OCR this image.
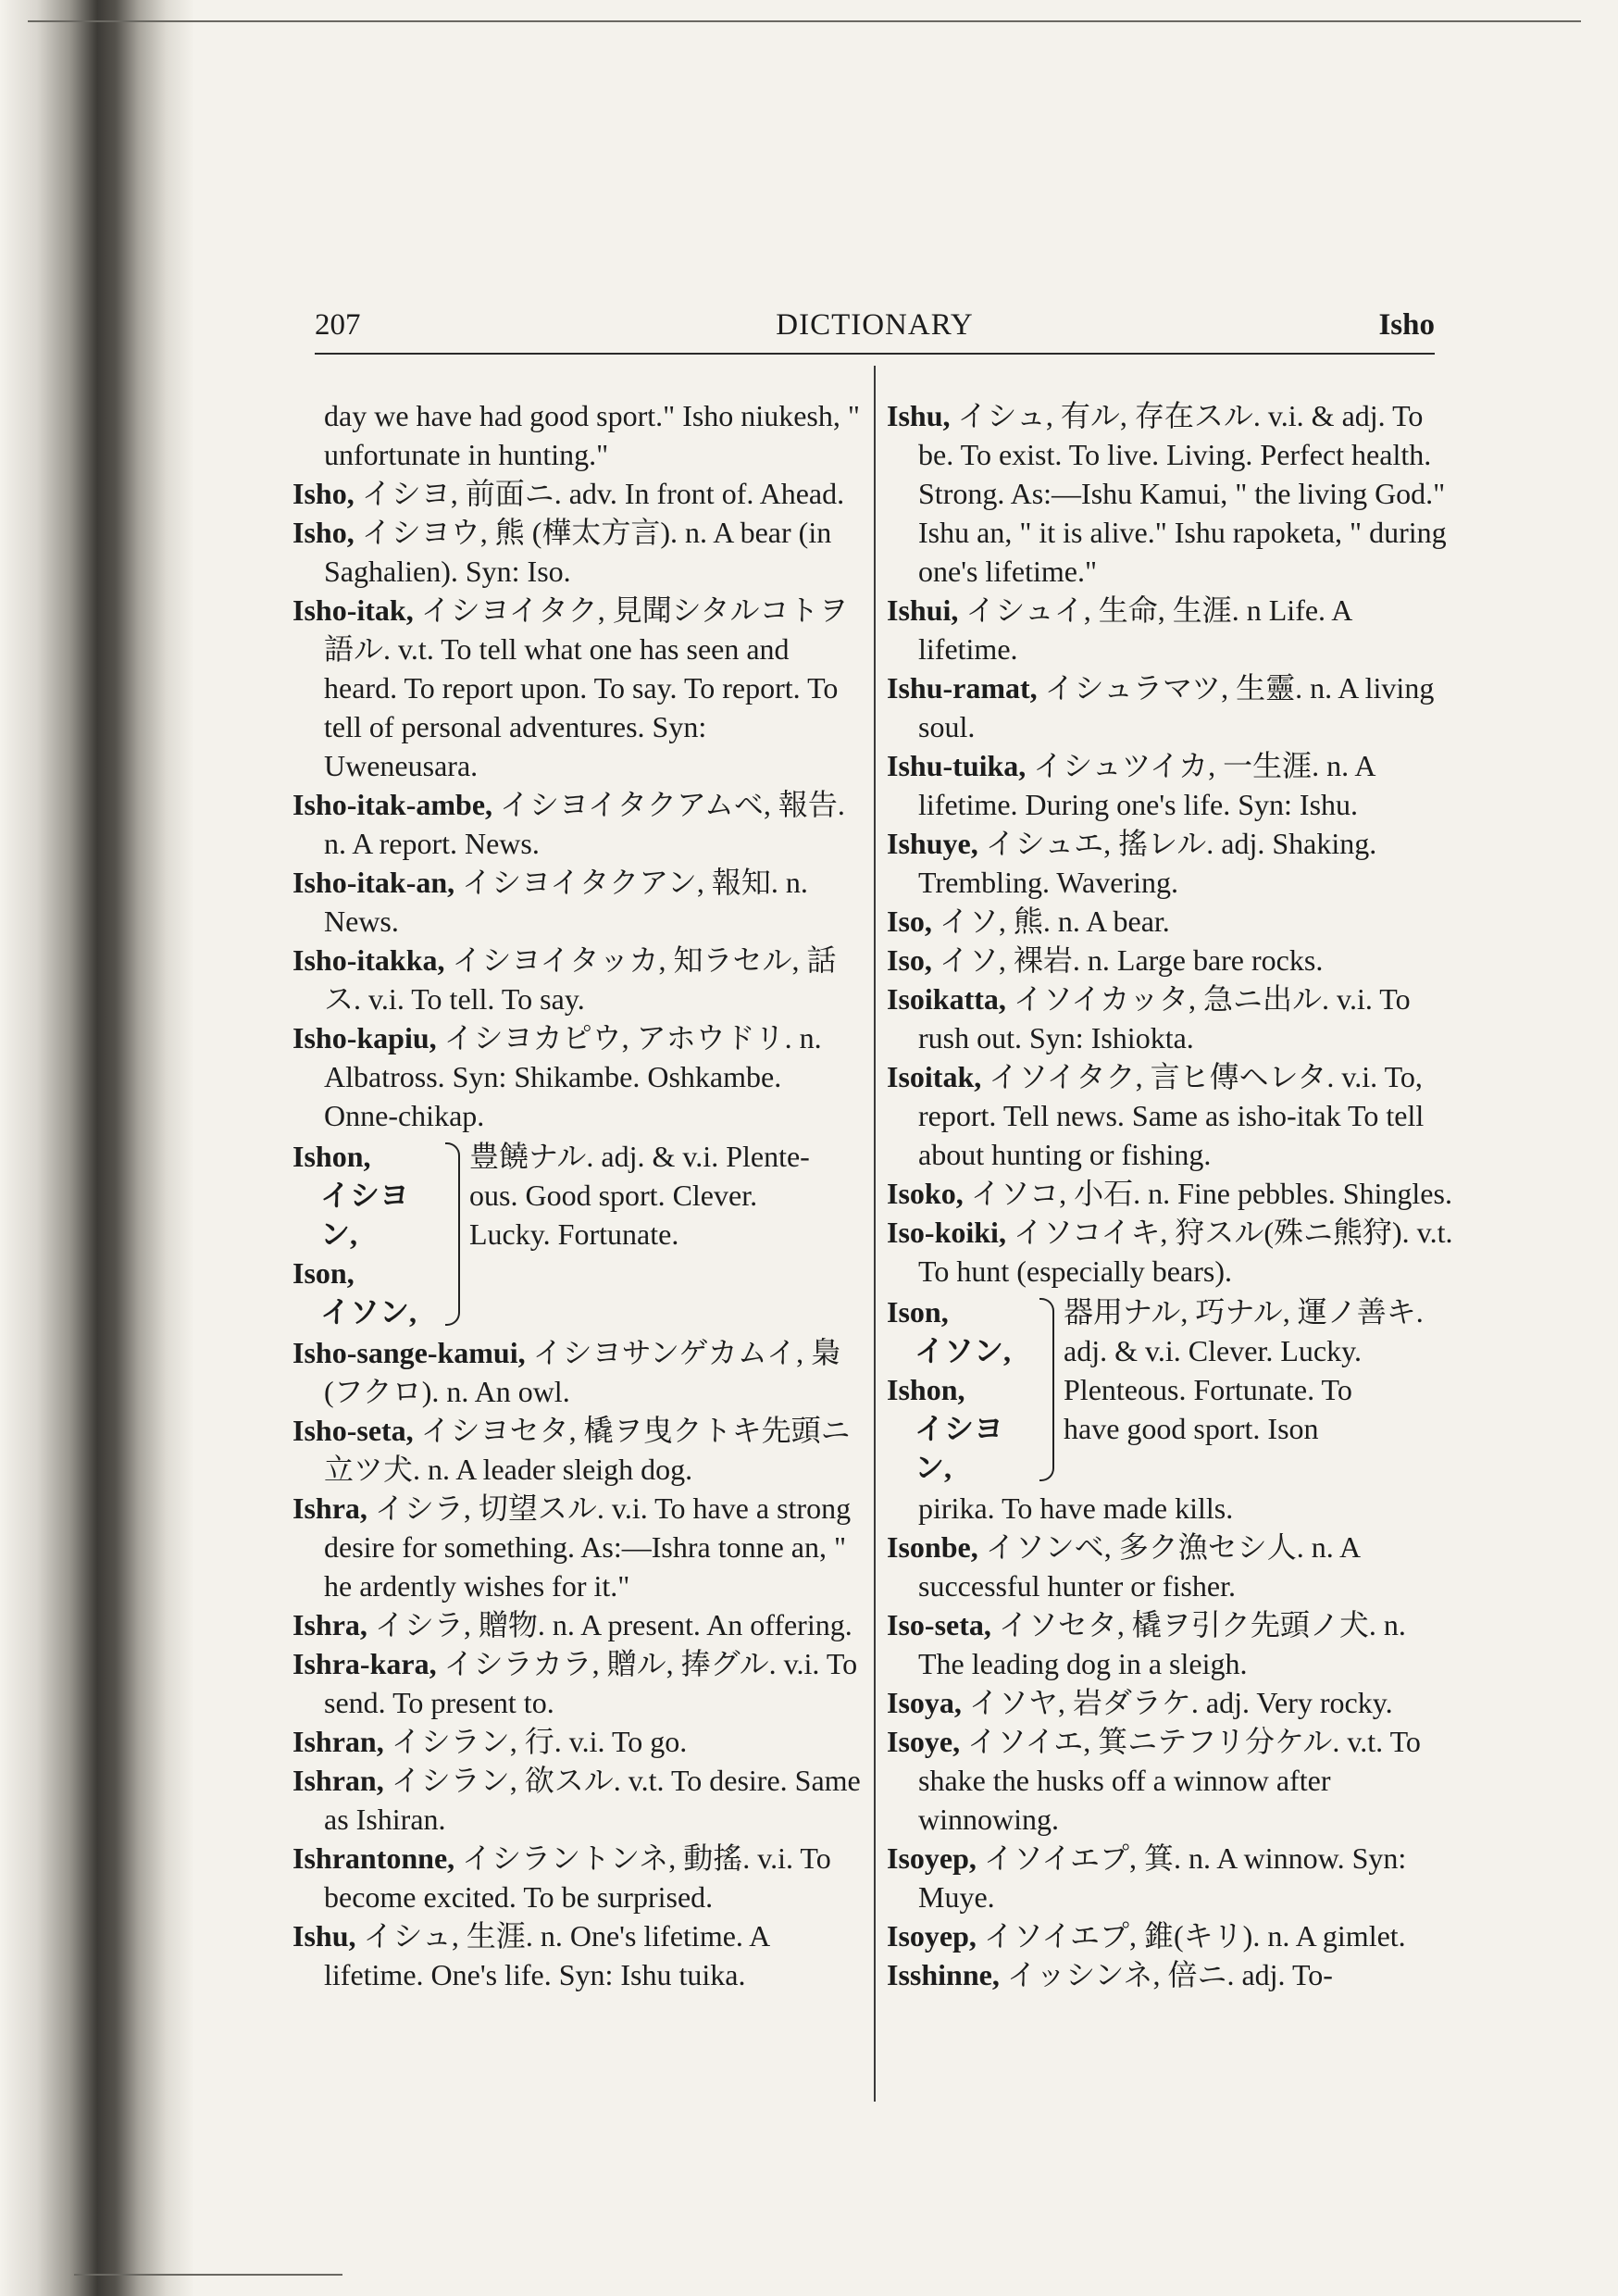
207	DICTIONARY	Isho
day we have had good sport." Isho niukesh, " unfortunate in hunting."
Isho, イシヨ, 前面ニ. adv. In front of. Ahead.
Isho, イシヨウ, 熊 (樺太方言). n. A bear (in Saghalien). Syn: Iso.
Isho-itak, イシヨイタク, 見聞シタルコトヲ語ル. v.t. To tell what one has seen and heard. To report upon. To say. To report. To tell of personal adventures. Syn: Uweneusara.
Isho-itak-ambe, イシヨイタクアムベ, 報告. n. A report. News.
Isho-itak-an, イシヨイタクアン, 報知. n. News.
Isho-itakka, イシヨイタッカ, 知ラセル, 話ス. v.i. To tell. To say.
Isho-kapiu, イシヨカピウ, アホウドリ. n. Albatross. Syn: Shikambe. Oshkambe. Onne-chikap.
Ishon,
イシヨン,
Ison,
イソン,
豊饒ナル. adj. & v.i. Plente-
ous. Good sport. Clever.
Lucky. Fortunate.
Isho-sange-kamui, イシヨサンゲカムイ, 梟 (フクロ). n. An owl.
Isho-seta, イシヨセタ, 橇ヲ曳クトキ先頭ニ立ツ犬. n. A leader sleigh dog.
Ishra, イシラ, 切望スル. v.i. To have a strong desire for something. As:—Ishra tonne an, " he ardently wishes for it."
Ishra, イシラ, 贈物. n. A present. An offering.
Ishra-kara, イシラカラ, 贈ル, 捧グル. v.i. To send. To present to.
Ishran, イシラン, 行. v.i. To go.
Ishran, イシラン, 欲スル. v.t. To desire. Same as Ishiran.
Ishrantonne, イシラントンネ, 動搖. v.i. To become excited. To be surprised.
Ishu, イシュ, 生涯. n. One's lifetime. A lifetime. One's life. Syn: Ishu tuika.
Ishu, イシュ, 有ル, 存在スル. v.i. & adj. To be. To exist. To live. Living. Perfect health. Strong. As:—Ishu Kamui, " the living God." Ishu an, " it is alive." Ishu rapoketa, " during one's lifetime."
Ishui, イシュイ, 生命, 生涯. n Life. A lifetime.
Ishu-ramat, イシュラマツ, 生靈. n. A living soul.
Ishu-tuika, イシュツイカ, 一生涯. n. A lifetime. During one's life. Syn: Ishu.
Ishuye, イシュエ, 搖レル. adj. Shaking. Trembling. Wavering.
Iso, イソ, 熊. n. A bear.
Iso, イソ, 裸岩. n. Large bare rocks.
Isoikatta, イソイカッタ, 急ニ出ル. v.i. To rush out. Syn: Ishiokta.
Isoitak, イソイタク, 言ヒ傳ヘレタ. v.i. To, report. Tell news. Same as isho-itak To tell about hunting or fishing.
Isoko, イソコ, 小石. n. Fine pebbles. Shingles.
Iso-koiki, イソコイキ, 狩スル(殊ニ熊狩). v.t. To hunt (especially bears).
Ison,
イソン,
Ishon,
イシヨン,
器用ナル, 巧ナル, 運ノ善キ.
adj. & v.i. Clever. Lucky.
Plenteous. Fortunate. To
have good sport. Ison
pirika. To have made kills.
Isonbe, イソンベ, 多ク漁セシ人. n. A successful hunter or fisher.
Iso-seta, イソセタ, 橇ヲ引ク先頭ノ犬. n. The leading dog in a sleigh.
Isoya, イソヤ, 岩ダラケ. adj. Very rocky.
Isoye, イソイエ, 箕ニテフリ分ケル. v.t. To shake the husks off a winnow after winnowing.
Isoyep, イソイエプ, 箕. n. A winnow. Syn: Muye.
Isoyep, イソイエプ, 錐(キリ). n. A gimlet.
Isshinne, イッシンネ, 倍ニ. adj. To-
